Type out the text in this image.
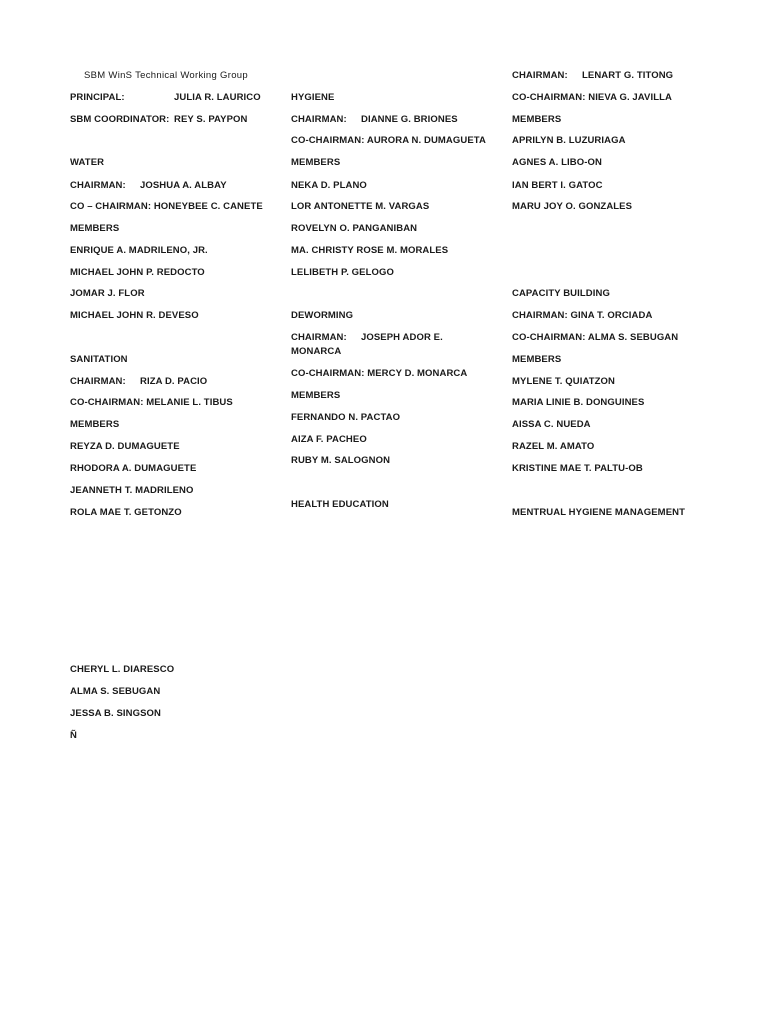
SBM WinS Technical Working Group
PRINCIPAL:	JULIA R. LAURICO
SBM COORDINATOR: REY S. PAYPON
WATER
CHAIRMAN: JOSHUA A. ALBAY
CO – CHAIRMAN: HONEYBEE C. CANETE
MEMBERS
ENRIQUE A. MADRILENO, JR.
MICHAEL JOHN P. REDOCTO
JOMAR J. FLOR
MICHAEL JOHN R. DEVESO
SANITATION
CHAIRMAN: RIZA D. PACIO
CO-CHAIRMAN: MELANIE L. TIBUS
MEMBERS
REYZA D. DUMAGUETE
RHODORA A. DUMAGUETE
JEANNETH T. MADRILENO
ROLA MAE T. GETONZO
CHERYL L. DIARESCO
ALMA S. SEBUGAN
JESSA B. SINGSON
Ñ
HYGIENE
CHAIRMAN: DIANNE G. BRIONES
CO-CHAIRMAN: AURORA N. DUMAGUETA
MEMBERS
NEKA D. PLANO
LOR ANTONETTE M. VARGAS
ROVELYN O. PANGANIBAN
MA. CHRISTY ROSE M. MORALES
LELIBETH P. GELOGO
DEWORMING
CHAIRMAN: JOSEPH ADOR E.
MONARCA
CO-CHAIRMAN: MERCY D. MONARCA
MEMBERS
FERNANDO N. PACTAO
AIZA F. PACHEO
RUBY M. SALOGNON
HEALTH EDUCATION
CHAIRMAN: LENART G. TITONG
CO-CHAIRMAN: NIEVA G. JAVILLA
MEMBERS
APRILYN B. LUZURIAGA
AGNES A. LIBO-ON
IAN BERT I. GATOC
MARU JOY O. GONZALES
CAPACITY BUILDING
CHAIRMAN: GINA T. ORCIADA
CO-CHAIRMAN: ALMA S. SEBUGAN
MEMBERS
MYLENE T. QUIATZON
MARIA LINIE B. DONGUINES
AISSA C. NUEDA
RAZEL M. AMATO
KRISTINE MAE T. PALTU-OB
MENTRUAL HYGIENE MANAGEMENT
